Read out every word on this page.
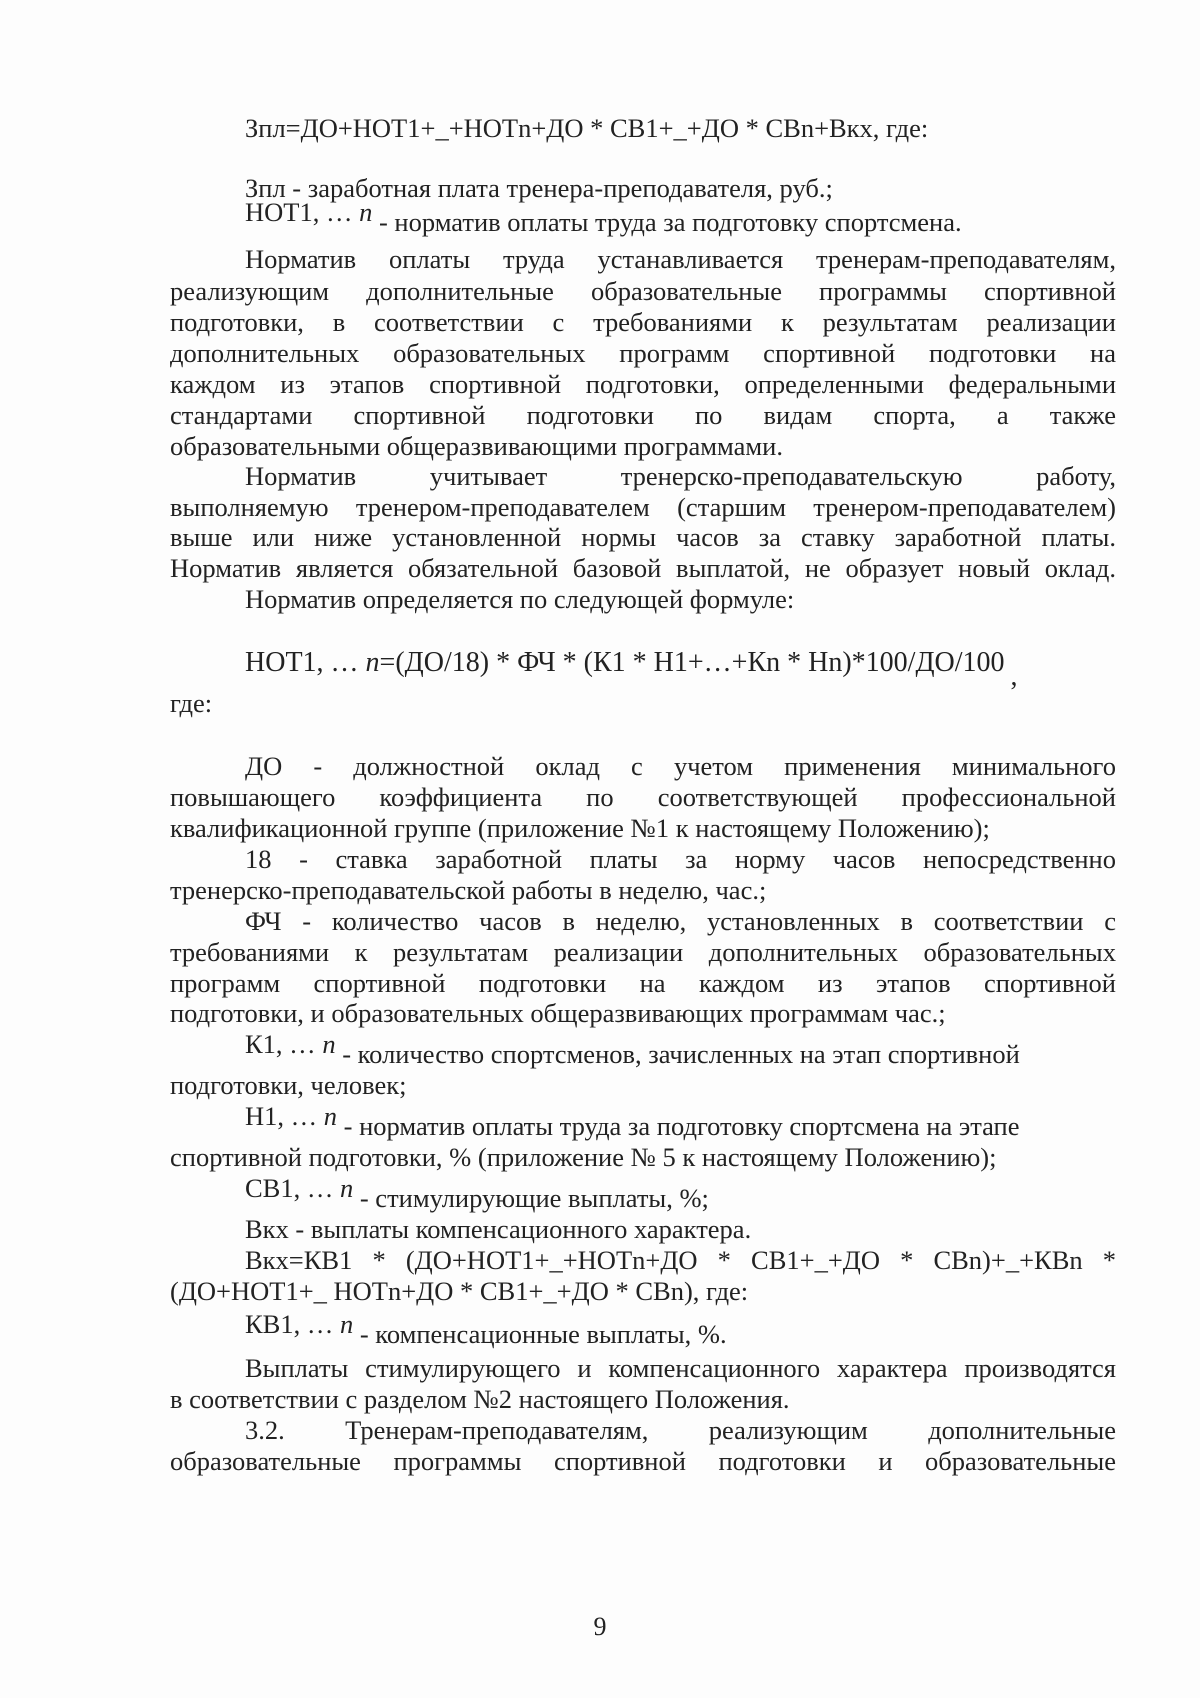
Зпл=ДО+НОТ1+_+НОТn+ДО * СВ1+_+ДО * СВn+Вкх, где:
Зпл - заработная плата тренера-преподавателя, руб.;
НОТ1, … n - норматив оплаты труда за подготовку спортсмена.
Норматив оплаты труда устанавливается тренерам-преподавателям,
реализующим дополнительные образовательные программы спортивной
подготовки, в соответствии с требованиями к результатам реализации
дополнительных образовательных программ спортивной подготовки на
каждом из этапов спортивной подготовки, определенными федеральными
стандартами спортивной подготовки по видам спорта, а также
образовательными общеразвивающими программами.
Норматив учитывает тренерско-преподавательскую работу,
выполняемую тренером-преподавателем (старшим тренером-преподавателем)
выше или ниже установленной нормы часов за ставку заработной платы.
Норматив является обязательной базовой выплатой, не образует новый оклад.
Норматив определяется по следующей формуле:
НОТ1, … n=(ДО/18) * ФЧ * (К1 * Н1+…+Кn * Нn)*100/ДО/100 ,
где:
ДО - должностной оклад с учетом применения минимального
повышающего коэффициента по соответствующей профессиональной
квалификационной группе (приложение №1 к настоящему Положению);
18 - ставка заработной платы за норму часов непосредственно
тренерско-преподавательской работы в неделю, час.;
ФЧ - количество часов в неделю, установленных в соответствии с
требованиями к результатам реализации дополнительных образовательных
программ спортивной подготовки на каждом из этапов спортивной
подготовки, и образовательных общеразвивающих программам час.;
К1, … n - количество спортсменов, зачисленных на этап спортивной
подготовки, человек;
Н1, … n - норматив оплаты труда за подготовку спортсмена на этапе
спортивной подготовки, % (приложение № 5 к настоящему Положению);
СВ1, … n - стимулирующие выплаты, %;
Вкх - выплаты компенсационного характера.
Вкх=КВ1 * (ДО+НОТ1+_+НОТn+ДО * СВ1+_+ДО * СВn)+_+КВn *
(ДО+НОТ1+_ НОТn+ДО * СВ1+_+ДО * СВn), где:
КВ1, … n - компенсационные выплаты, %.
Выплаты стимулирующего и компенсационного характера производятся
в соответствии с разделом №2 настоящего Положения.
3.2. Тренерам-преподавателям, реализующим дополнительные
образовательные программы спортивной подготовки и образовательные
9
